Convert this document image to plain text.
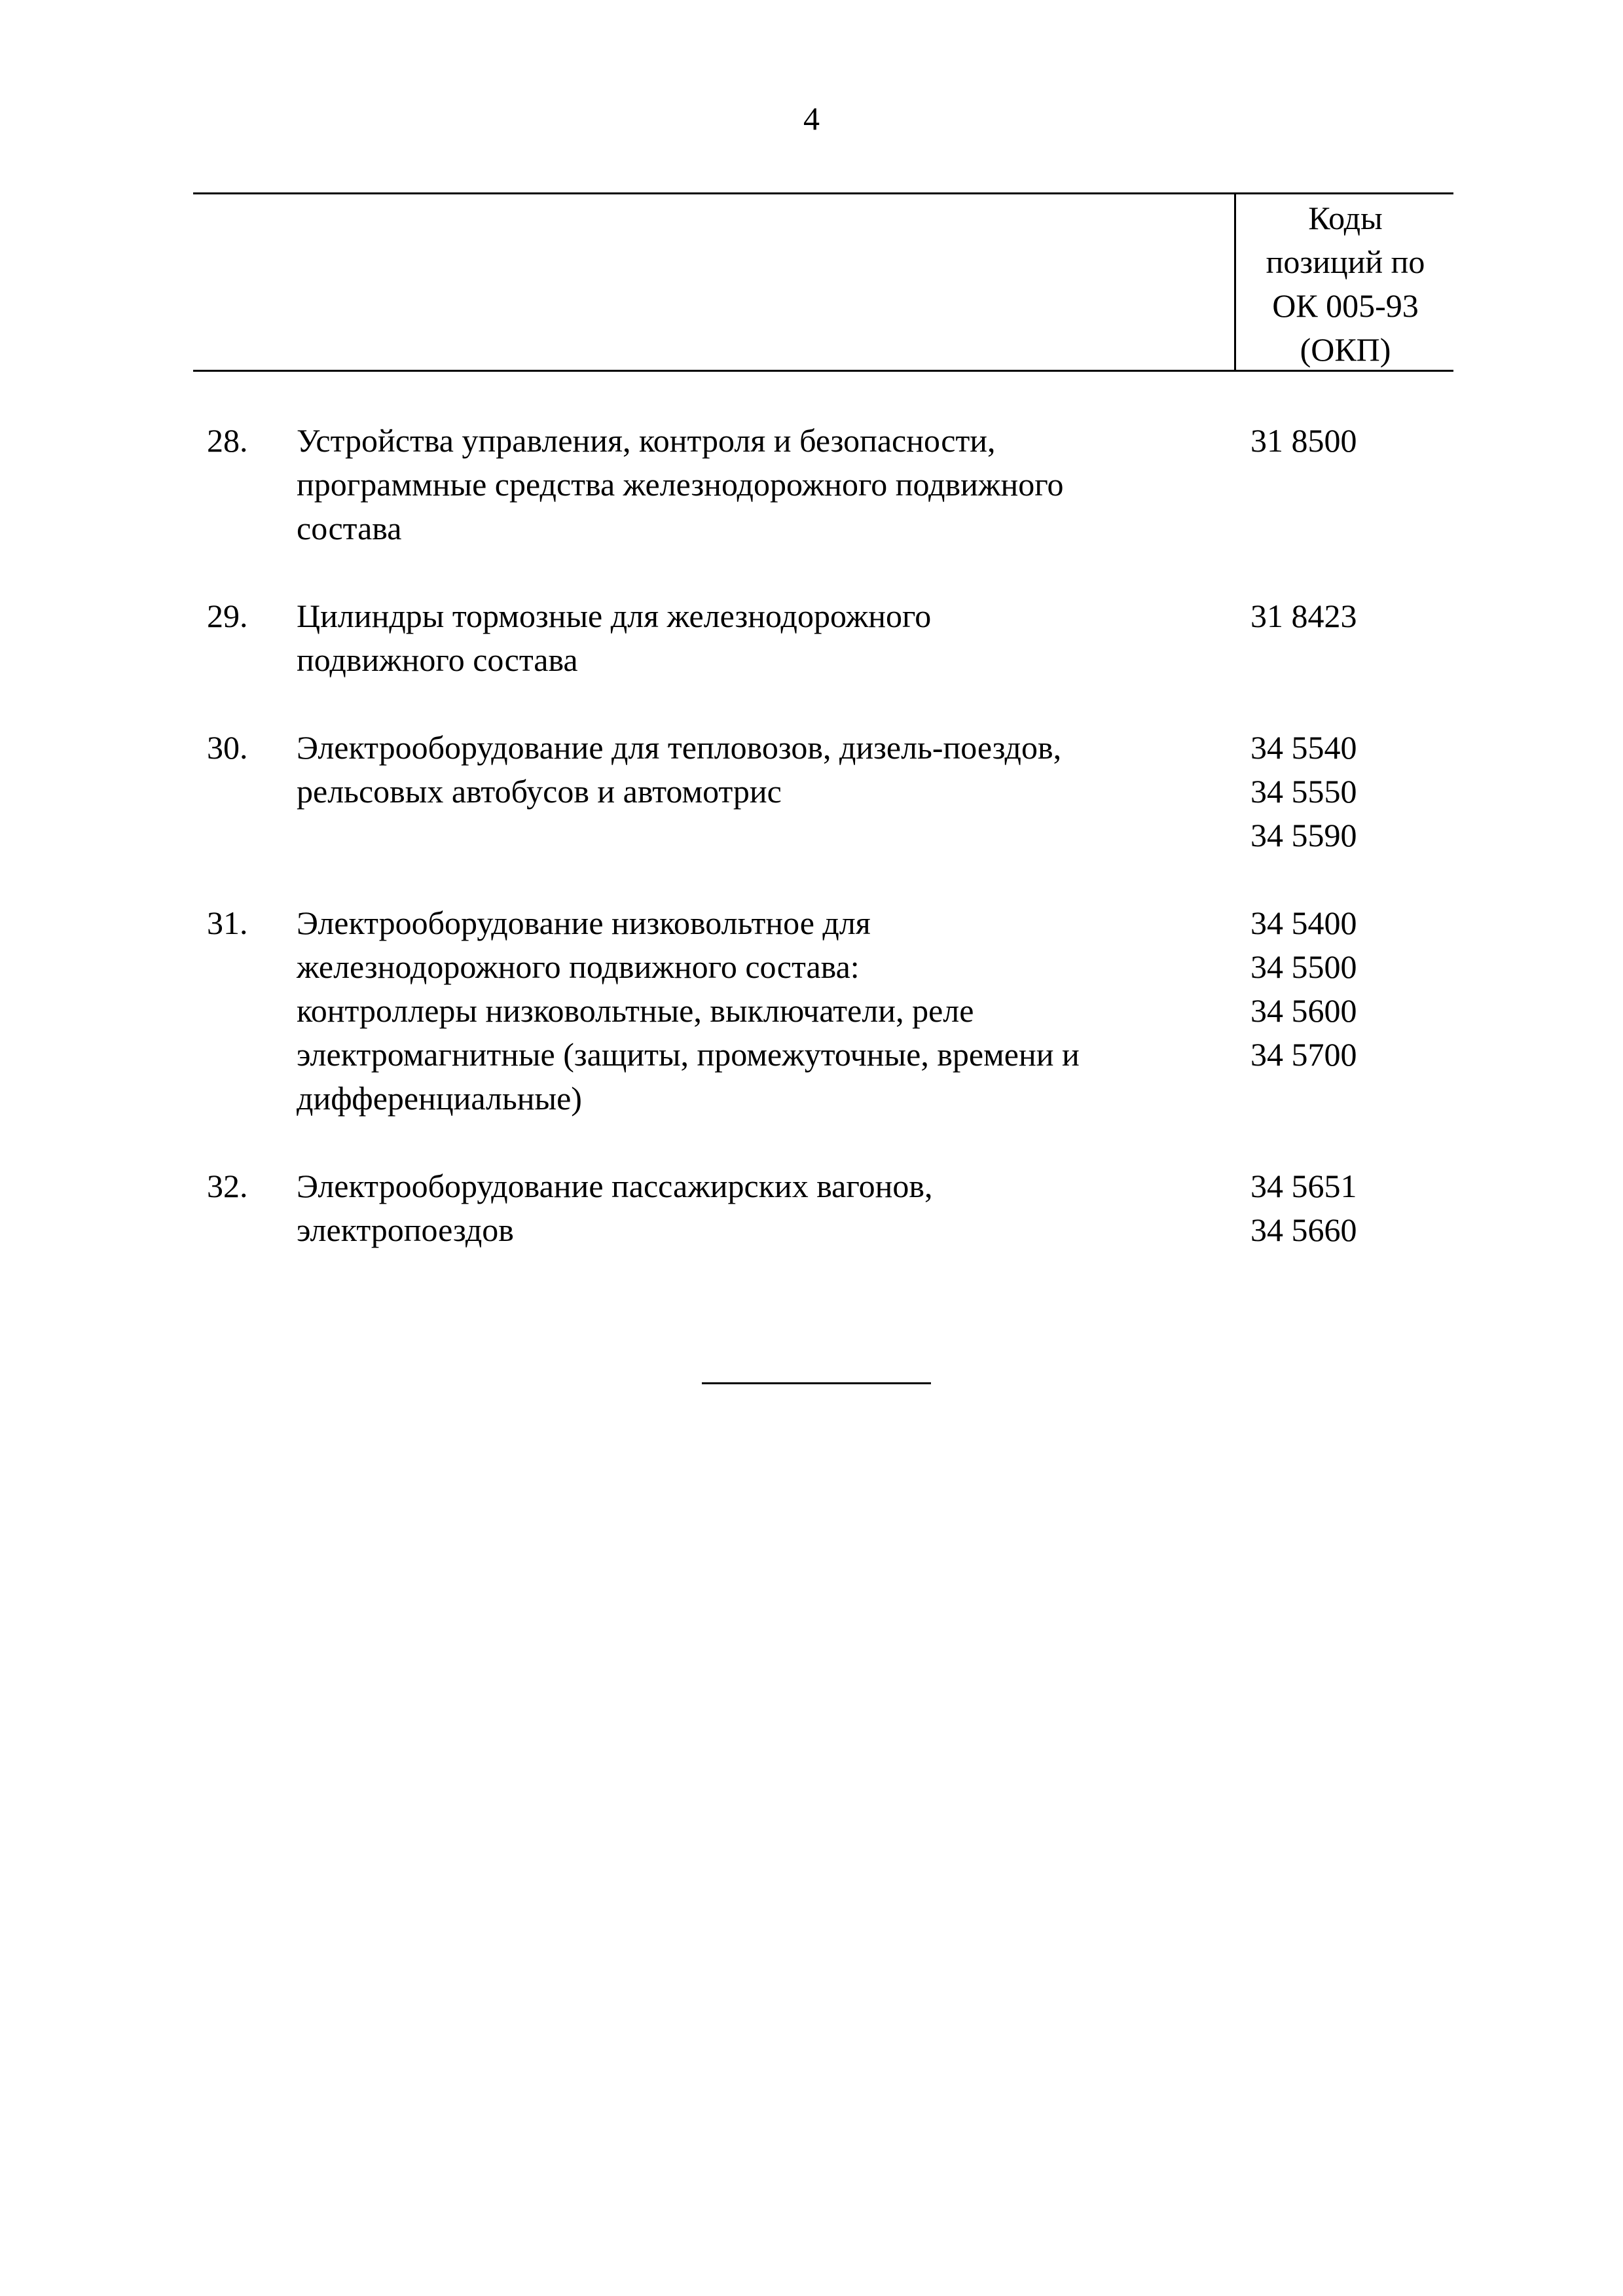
4
Коды
позиций по
ОК 005-93
(ОКП)
28. Устройства управления, контроля и безопасности,
программные средства железнодорожного подвижного
состава
31 8500
29. Цилиндры тормозные для железнодорожного
подвижного состава
31 8423
30. Электрооборудование для тепловозов, дизель-поездов,
рельсовых автобусов и автомотрис
34 5540
34 5550
34 5590
31. Электрооборудование низковольтное для
железнодорожного подвижного состава:
контроллеры низковольтные, выключатели, реле
электромагнитные (защиты, промежуточные, времени и
дифференциальные)
34 5400
34 5500
34 5600
34 5700
32. Электрооборудование пассажирских вагонов,
электропоездов
34 5651
34 5660
